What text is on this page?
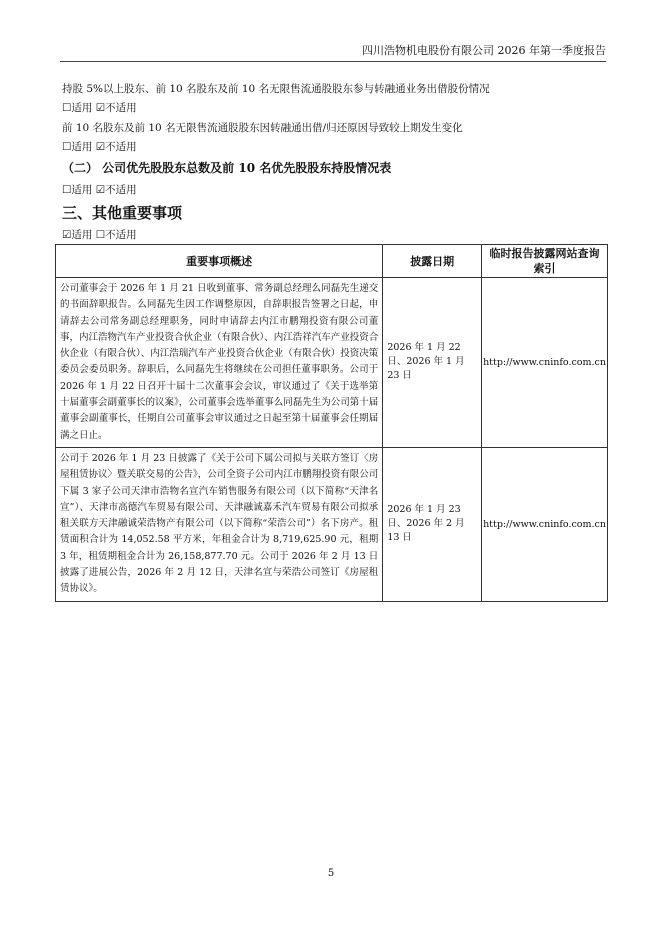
四川浩物机电股份有限公司 2026 年第一季度报告
持股 5%以上股东、前 10 名股东及前 10 名无限售流通股股东参与转融通业务出借股份情况
☐适用 ☑不适用
前 10 名股东及前 10 名无限售流通股股东因转融通出借/归还原因导致较上期发生变化
☐适用 ☑不适用
（二） 公司优先股股东总数及前 10 名优先股股东持股情况表
☐适用 ☑不适用
三、其他重要事项
☑适用 ☐不适用
重要事项概述	披露日期	临时报告披露网站查询索引
公司董事会于 2026 年 1 月 21 日收到董事、常务副总经理么同磊先生递交的书面辞职报告。么同磊先生因工作调整原因，自辞职报告签署之日起，申请辞去公司常务副总经理职务，同时申请辞去内江市鹏翔投资有限公司董事，内江浩物汽车产业投资合伙企业（有限合伙）、内江浩祥汽车产业投资合伙企业（有限合伙）、内江浩瑞汽车产业投资合伙企业（有限合伙）投资决策委员会委员职务。辞职后，么同磊先生将继续在公司担任董事职务。公司于 2026 年 1 月 22 日召开十届十二次董事会会议，审议通过了《关于选举第十届董事会副董事长的议案》，公司董事会选举董事么同磊先生为公司第十届董事会副董事长，任期自公司董事会审议通过之日起至第十届董事会任期届满之日止。	2026 年 1 月 22 日、2026 年 1 月 23 日	http://www.cninfo.com.cn
公司于 2026 年 1 月 23 日披露了《关于公司下属公司拟与关联方签订〈房屋租赁协议〉暨关联交易的公告》，公司全资子公司内江市鹏翔投资有限公司下属 3 家子公司天津市浩物名宣汽车销售服务有限公司（以下简称“天津名宣”）、天津市高德汽车贸易有限公司、天津融诚嘉禾汽车贸易有限公司拟承租关联方天津融诚荣浩物产有限公司（以下简称“荣浩公司”）名下房产。租赁面积合计为 14,052.58 平方米，年租金合计为 8,719,625.90 元，租期 3 年，租赁期租金合计为 26,158,877.70 元。公司于 2026 年 2 月 13 日披露了进展公告，2026 年 2 月 12 日，天津名宣与荣浩公司签订《房屋租赁协议》。	2026 年 1 月 23 日、2026 年 2 月 13 日	http://www.cninfo.com.cn
5
